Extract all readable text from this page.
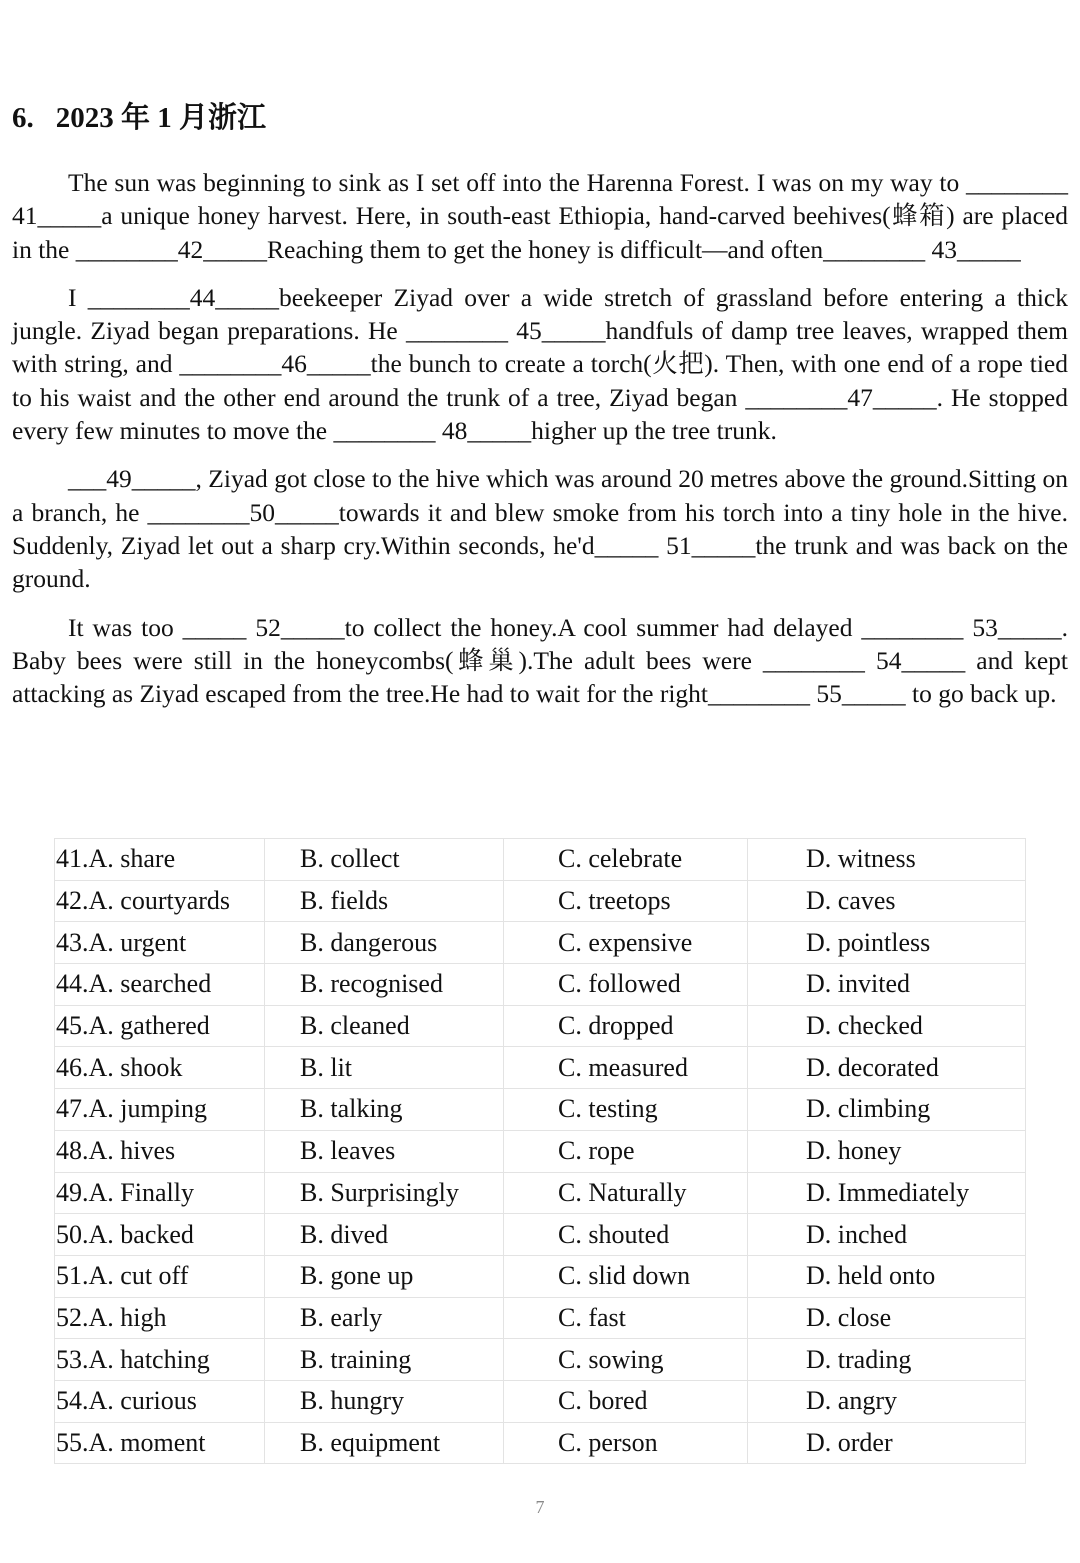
6. 2023 年 1 月浙江

The sun was beginning to sink as I set off into the Harenna Forest. I was on my way to ________ 41_____a unique honey harvest. Here, in south-east Ethiopia, hand-carved beehives(蜂箱) are placed in the ________42_____Reaching them to get the honey is difficult—and often________ 43_____

I ________44_____beekeeper Ziyad over a wide stretch of grassland before entering a thick jungle. Ziyad began preparations. He ________ 45_____handfuls of damp tree leaves, wrapped them with string, and ________46_____the bunch to create a torch(火把). Then, with one end of a rope tied to his waist and the other end around the trunk of a tree, Ziyad began ________47_____. He stopped every few minutes to move the ________ 48_____higher up the tree trunk.

___49_____, Ziyad got close to the hive which was around 20 metres above the ground.Sitting on a branch, he ________50_____towards it and blew smoke from his torch into a tiny hole in the hive. Suddenly, Ziyad let out a sharp cry.Within seconds, he'd_____ 51_____the trunk and was back on the ground.

It was too _____ 52_____to collect the honey.A cool summer had delayed ________ 53_____. Baby bees were still in the honeycombs(蜂巢).The adult bees were ________ 54_____ and kept attacking as Ziyad escaped from the tree.He had to wait for the right________ 55_____ to go back up.

41.A. share	B. collect	C. celebrate	D. witness
42.A. courtyards	B. fields	C. treetops	D. caves
43.A. urgent	B. dangerous	C. expensive	D. pointless
44.A. searched	B. recognised	C. followed	D. invited
45.A. gathered	B. cleaned	C. dropped	D. checked
46.A. shook	B. lit	C. measured	D. decorated
47.A. jumping	B. talking	C. testing	D. climbing
48.A. hives	B. leaves	C. rope	D. honey
49.A. Finally	B. Surprisingly	C. Naturally	D. Immediately
50.A. backed	B. dived	C. shouted	D. inched
51.A. cut off	B. gone up	C. slid down	D. held onto
52.A. high	B. early	C. fast	D. close
53.A. hatching	B. training	C. sowing	D. trading
54.A. curious	B. hungry	C. bored	D. angry
55.A. moment	B. equipment	C. person	D. order
7
